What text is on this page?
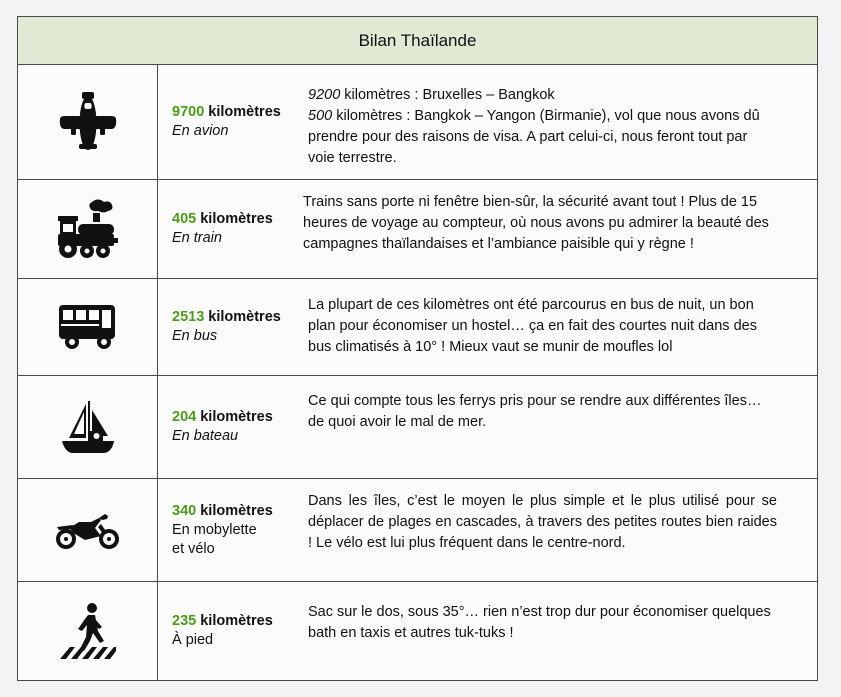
Bilan Thaïlande
9700 kilomètres
En avion

9200 kilomètres : Bruxelles – Bangkok
500 kilomètres : Bangkok – Yangon (Birmanie), vol que nous avons dû prendre pour des raisons de visa. A part celui-ci, nous feront tout par voie terrestre.

405 kilomètres
En train

Trains sans porte ni fenêtre bien-sûr, la sécurité avant tout ! Plus de 15 heures de voyage au compteur, où nous avons pu admirer la beauté des campagnes thaïlandaises et l’ambiance paisible qui y règne !

2513 kilomètres
En bus

La plupart de ces kilomètres ont été parcourus en bus de nuit, un bon plan pour économiser un hostel… ça en fait des courtes nuit dans des bus climatisés à 10° ! Mieux vaut se munir de moufles lol

204 kilomètres
En bateau

Ce qui compte tous les ferrys pris pour se rendre aux différentes îles… de quoi avoir le mal de mer.

340 kilomètres
En mobylette
et vélo

Dans les îles, c’est le moyen le plus simple et le plus utilisé pour se déplacer de plages en cascades, à travers des petites routes bien raides ! Le vélo est lui plus fréquent dans le centre-nord.

235 kilomètres
À pied

Sac sur le dos, sous 35°… rien n’est trop dur pour économiser quelques bath en taxis et autres tuk-tuks !
